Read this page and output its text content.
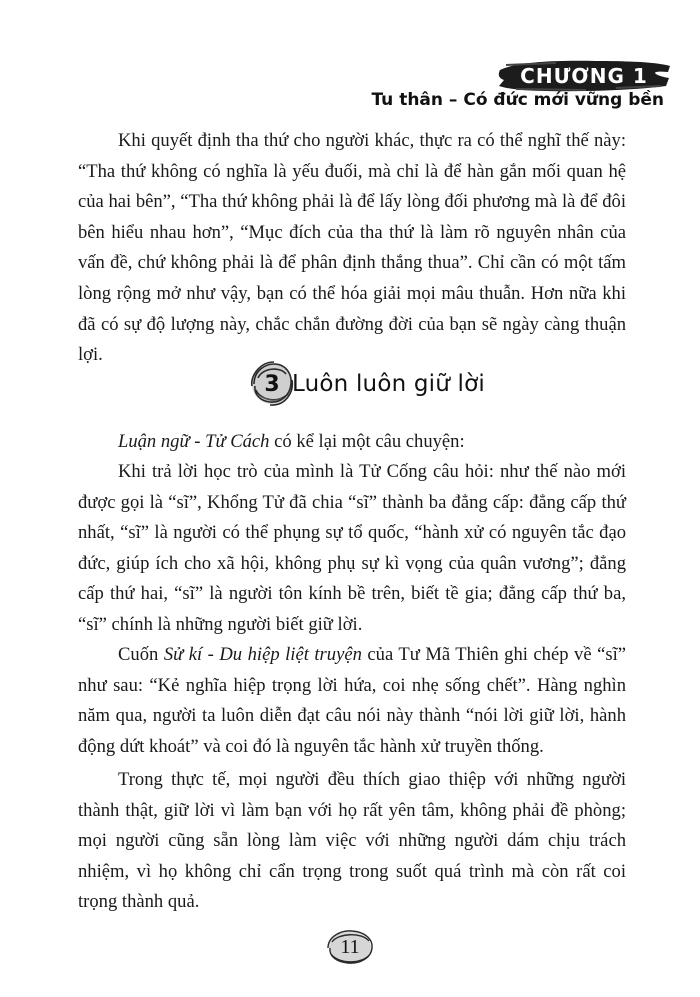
CHƯƠNG 1
Tu thân – Có đức mới vững bền

Khi quyết định tha thứ cho người khác, thực ra có thể nghĩ thế này: “Tha thứ không có nghĩa là yếu đuối, mà chỉ là để hàn gắn mối quan hệ của hai bên”, “Tha thứ không phải là để lấy lòng đối phương mà là để đôi bên hiểu nhau hơn”, “Mục đích của tha thứ là làm rõ nguyên nhân của vấn đề, chứ không phải là để phân định thắng thua”. Chỉ cần có một tấm lòng rộng mở như vậy, bạn có thể hóa giải mọi mâu thuẫn. Hơn nữa khi đã có sự độ lượng này, chắc chắn đường đời của bạn sẽ ngày càng thuận lợi.

3 Luôn luôn giữ lời

Luận ngữ - Tử Cách có kể lại một câu chuyện:

Khi trả lời học trò của mình là Tử Cống câu hỏi: như thế nào mới được gọi là “sĩ”, Khổng Tử đã chia “sĩ” thành ba đẳng cấp: đẳng cấp thứ nhất, “sĩ” là người có thể phụng sự tổ quốc, “hành xử có nguyên tắc đạo đức, giúp ích cho xã hội, không phụ sự kì vọng của quân vương”; đẳng cấp thứ hai, “sĩ” là người tôn kính bề trên, biết tề gia; đẳng cấp thứ ba, “sĩ” chính là những người biết giữ lời.

Cuốn Sử kí - Du hiệp liệt truyện của Tư Mã Thiên ghi chép về “sĩ” như sau: “Kẻ nghĩa hiệp trọng lời hứa, coi nhẹ sống chết”. Hàng nghìn năm qua, người ta luôn diễn đạt câu nói này thành “nói lời giữ lời, hành động dứt khoát” và coi đó là nguyên tắc hành xử truyền thống.

Trong thực tế, mọi người đều thích giao thiệp với những người thành thật, giữ lời vì làm bạn với họ rất yên tâm, không phải đề phòng; mọi người cũng sẵn lòng làm việc với những người dám chịu trách nhiệm, vì họ không chỉ cẩn trọng trong suốt quá trình mà còn rất coi trọng thành quả.

11
